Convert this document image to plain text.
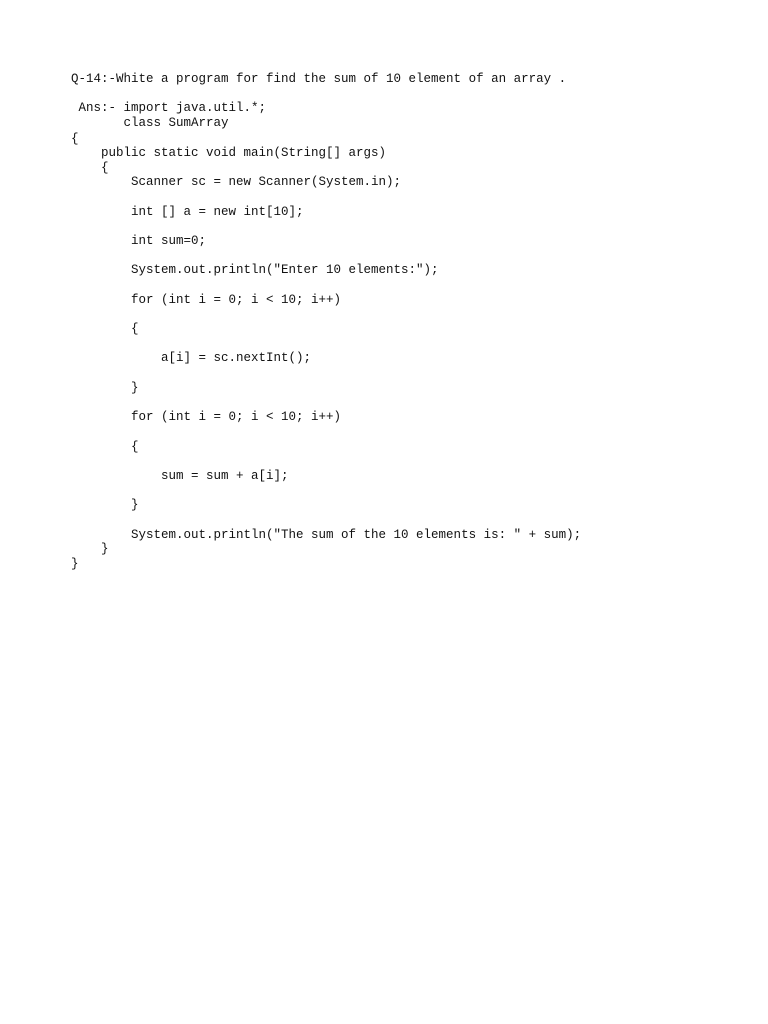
Q-14:-White a program for find the sum of 10 element of an array .

Ans:- import java.util.*;

class SumArray

{

public static void main(String[] args)

{

Scanner sc = new Scanner(System.in);

int [] a = new int[10];

int sum=0;

System.out.println("Enter 10 elements:");

for (int i = 0; i < 10; i++)

{

a[i] = sc.nextInt();

}

for (int i = 0; i < 10; i++)

{

sum = sum + a[i];

}

System.out.println("The sum of the 10 elements is: " + sum);

}

}
